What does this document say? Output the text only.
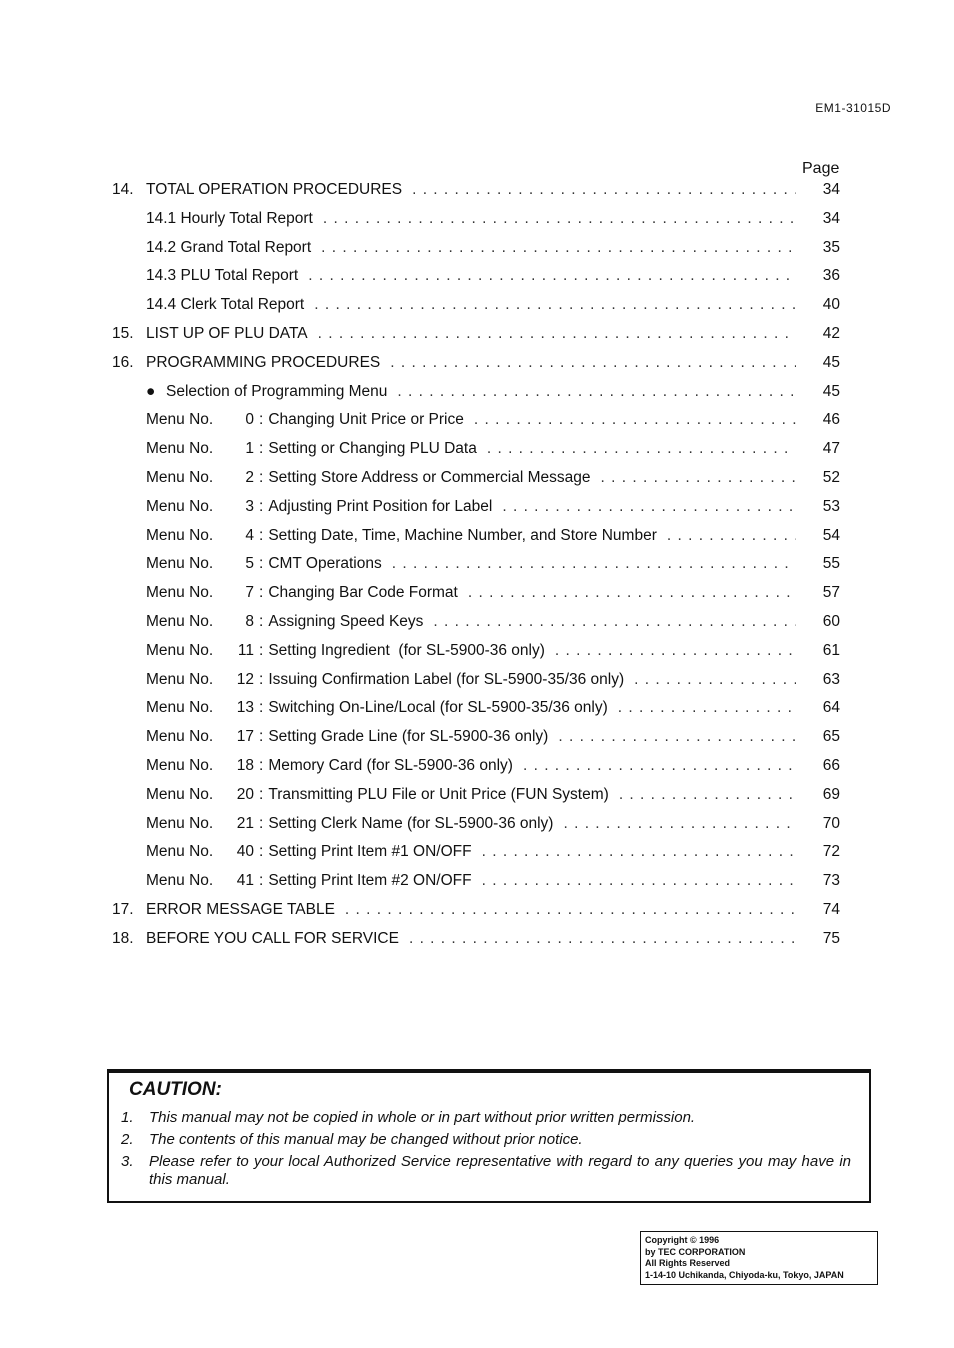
EM1-31015D
Page
14. TOTAL OPERATION PROCEDURES . . .	34
14.1 Hourly Total Report . . .	34
14.2 Grand Total Report . . .	35
14.3 PLU Total Report . . .	36
14.4 Clerk Total Report . . .	40
15. LIST UP OF PLU DATA . . .	42
16. PROGRAMMING PROCEDURES . . .	45
● Selection of Programming Menu . . .	45
Menu No. 0 : Changing Unit Price or Price . . .	46
Menu No. 1 : Setting or Changing PLU Data . . .	47
Menu No. 2 : Setting Store Address or Commercial Message . . .	52
Menu No. 3 : Adjusting Print Position for Label . . .	53
Menu No. 4 : Setting Date, Time, Machine Number, and Store Number . . .	54
Menu No. 5 : CMT Operations . . .	55
Menu No. 7 : Changing Bar Code Format . . .	57
Menu No. 8 : Assigning Speed Keys . . .	60
Menu No. 11 : Setting Ingredient  (for SL-5900-36 only) . . .	61
Menu No. 12 : Issuing Confirmation Label (for SL-5900-35/36 only) . . .	63
Menu No. 13 : Switching On-Line/Local (for SL-5900-35/36 only) . . .	64
Menu No. 17 : Setting Grade Line (for SL-5900-36 only) . . .	65
Menu No. 18 : Memory Card (for SL-5900-36 only) . . .	66
Menu No. 20 : Transmitting PLU File or Unit Price (FUN System) . . .	69
Menu No. 21 : Setting Clerk Name (for SL-5900-36 only) . . .	70
Menu No. 40 : Setting Print Item #1 ON/OFF . . .	72
Menu No. 41 : Setting Print Item #2 ON/OFF . . .	73
17. ERROR MESSAGE TABLE . . .	74
18. BEFORE YOU CALL FOR SERVICE . . .	75
CAUTION:
1.	This manual may not be copied in whole or in part without prior written permission.
2.	The contents of this manual may be changed without prior notice.
3.	Please refer to your local Authorized Service representative with regard to any queries you may have in this manual.
Copyright © 1996
by TEC CORPORATION
All Rights Reserved
1-14-10 Uchikanda, Chiyoda-ku, Tokyo, JAPAN
